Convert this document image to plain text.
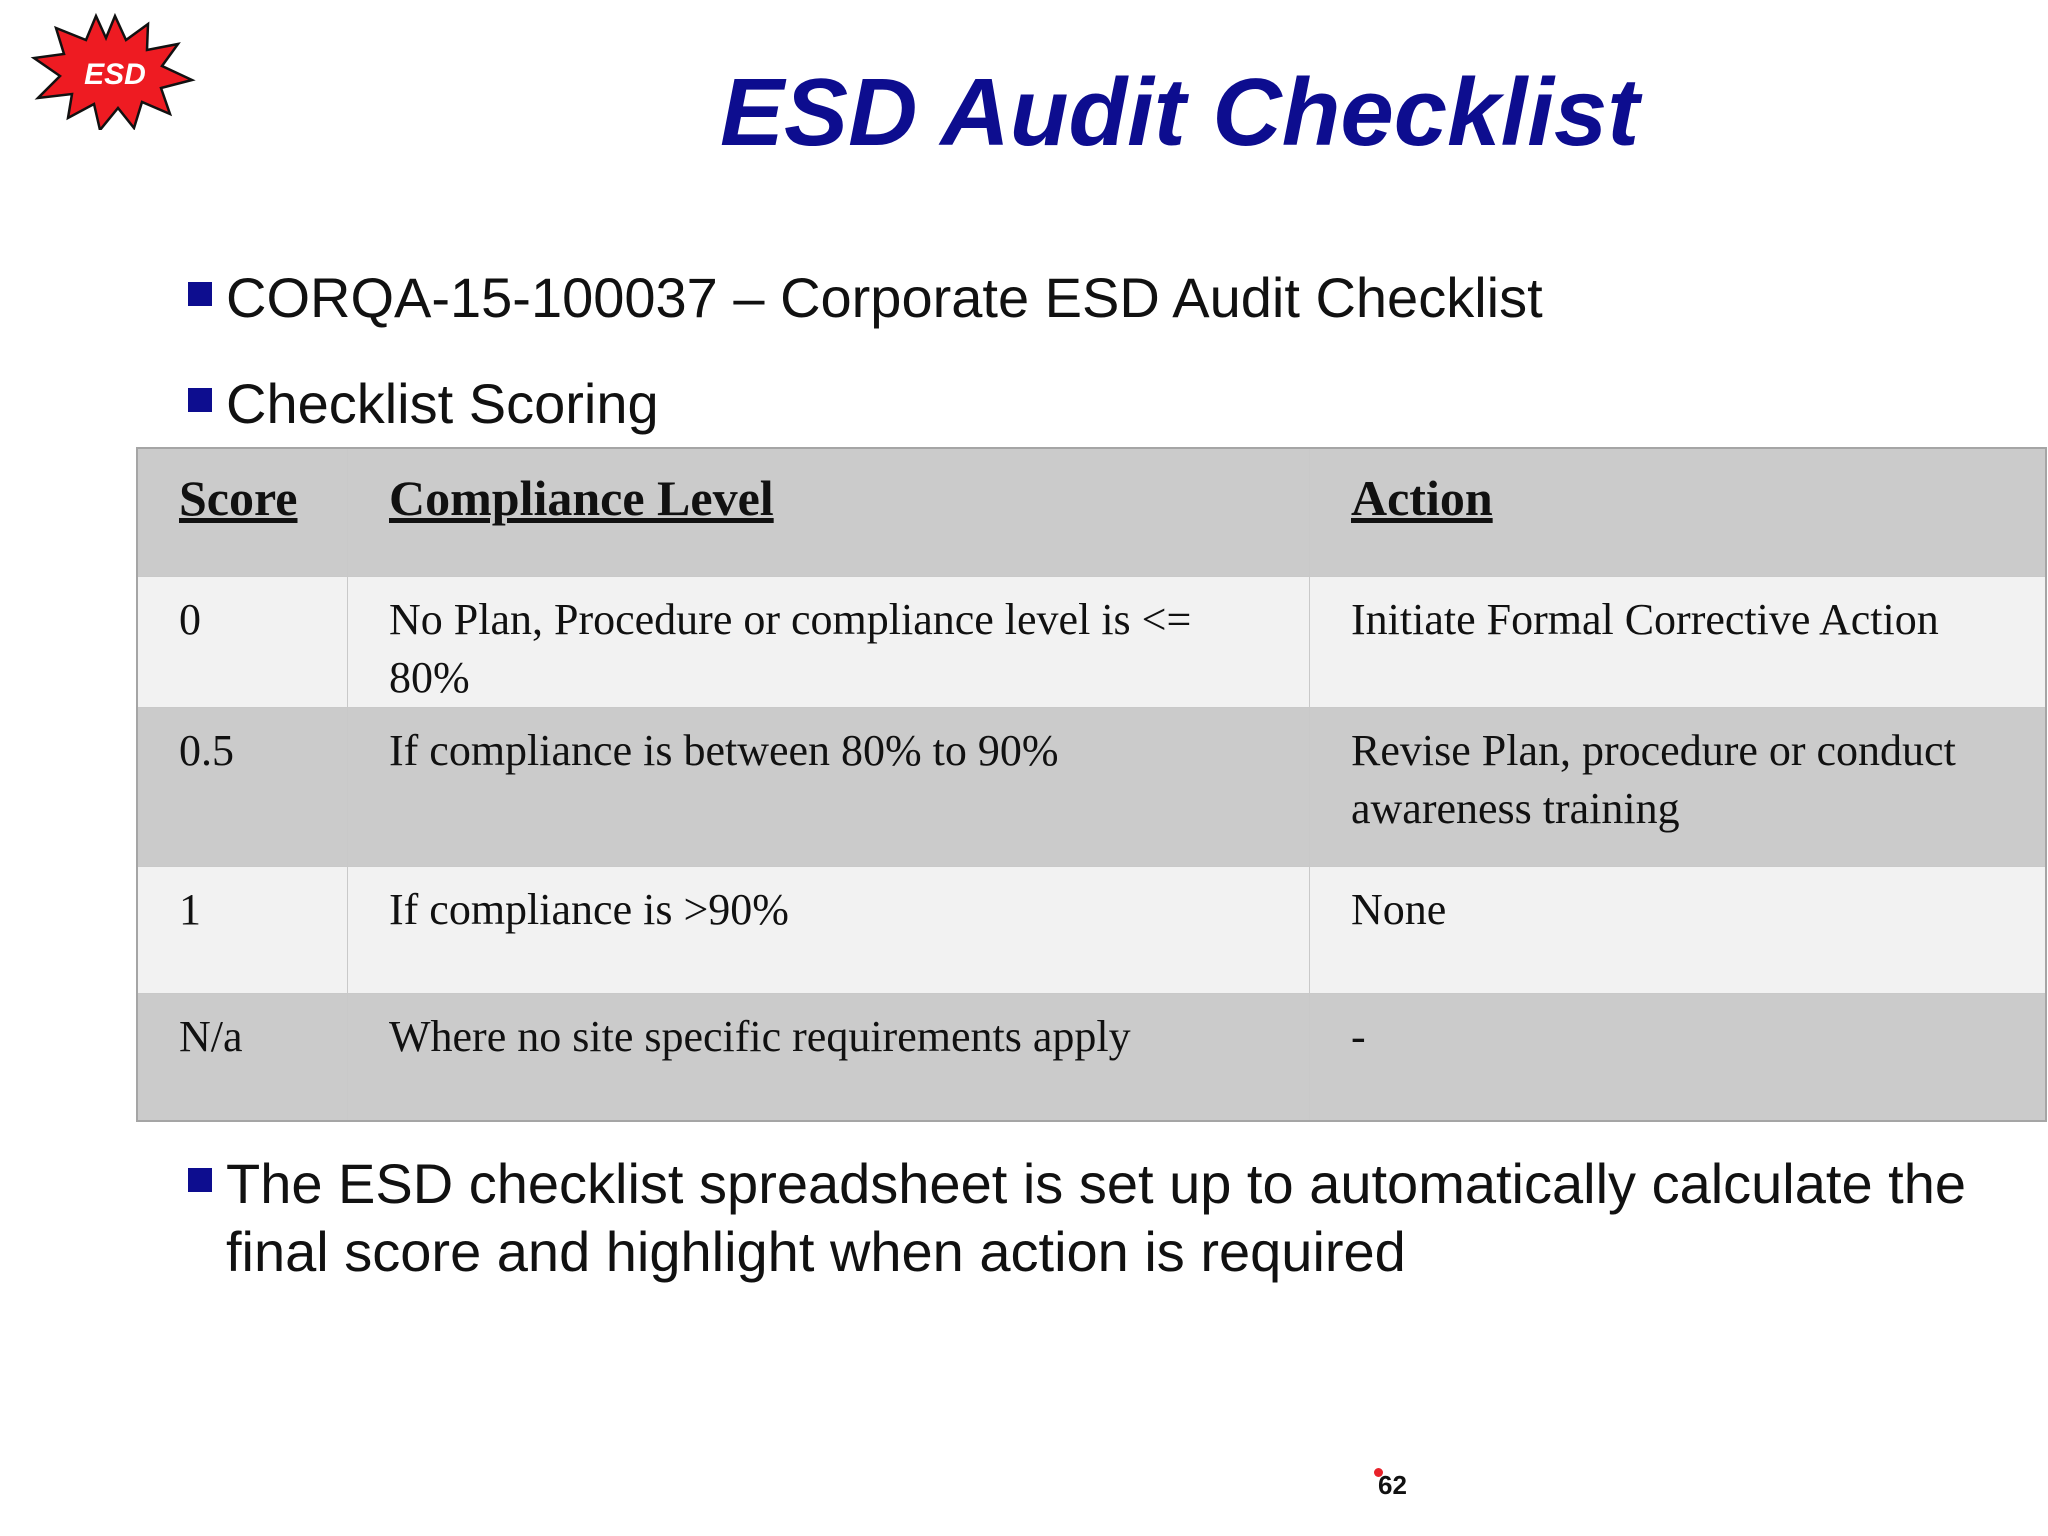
ESD	ESD Audit Checklist
CORQA-15-100037 – Corporate ESD Audit Checklist
Checklist Scoring
Score	Compliance Level	Action
0	No Plan, Procedure or compliance level is <= 80%	Initiate Formal Corrective Action
0.5	If compliance is between 80% to 90%	Revise Plan, procedure or conduct awareness training
1	If compliance is >90%	None
N/a	Where no site specific requirements apply	-
The ESD checklist spreadsheet is set up to automatically calculate the final score and highlight when action is required
62
